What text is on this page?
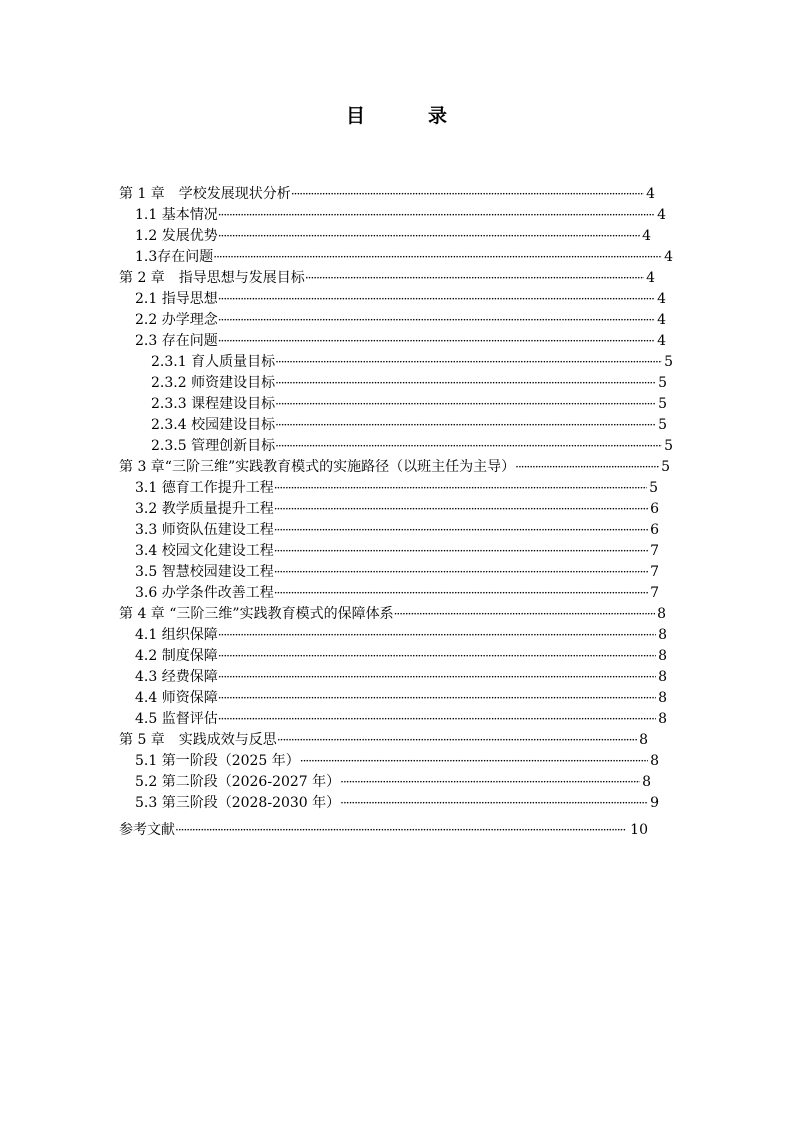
目　录
第 1 章　学校发展现状分析 ·····	4
1.1 基本情况 ·····	4
1.2 发展优势 ·····	4
1.3存在问题 ·····	4
第 2 章　指导思想与发展目标 ·····	4
2.1 指导思想 ·····	4
2.2 办学理念 ·····	4
2.3 存在问题 ·····	4
2.3.1 育人质量目标 ·····	5
2.3.2 师资建设目标 ·····	5
2.3.3 课程建设目标 ·····	5
2.3.4 校园建设目标 ·····	5
2.3.5 管理创新目标 ·····	5
第 3 章“三阶三维”实践教育模式的实施路径（以班主任为主导） ·····	5
3.1 德育工作提升工程 ·····	5
3.2 教学质量提升工程 ·····	6
3.3 师资队伍建设工程 ·····	6
3.4 校园文化建设工程 ·····	7
3.5 智慧校园建设工程 ·····	7
3.6 办学条件改善工程 ·····	7
第 4 章 “三阶三维”实践教育模式的保障体系 ·····	8
4.1 组织保障 ·····	8
4.2 制度保障 ·····	8
4.3 经费保障 ·····	8
4.4 师资保障 ·····	8
4.5 监督评估 ·····	8
第 5 章　实践成效与反思 ·····	8
5.1 第一阶段（2025 年） ·····	8
5.2 第二阶段（2026-2027 年） ·····	8
5.3 第三阶段（2028-2030 年） ·····	9
参考文献 ·····	10
